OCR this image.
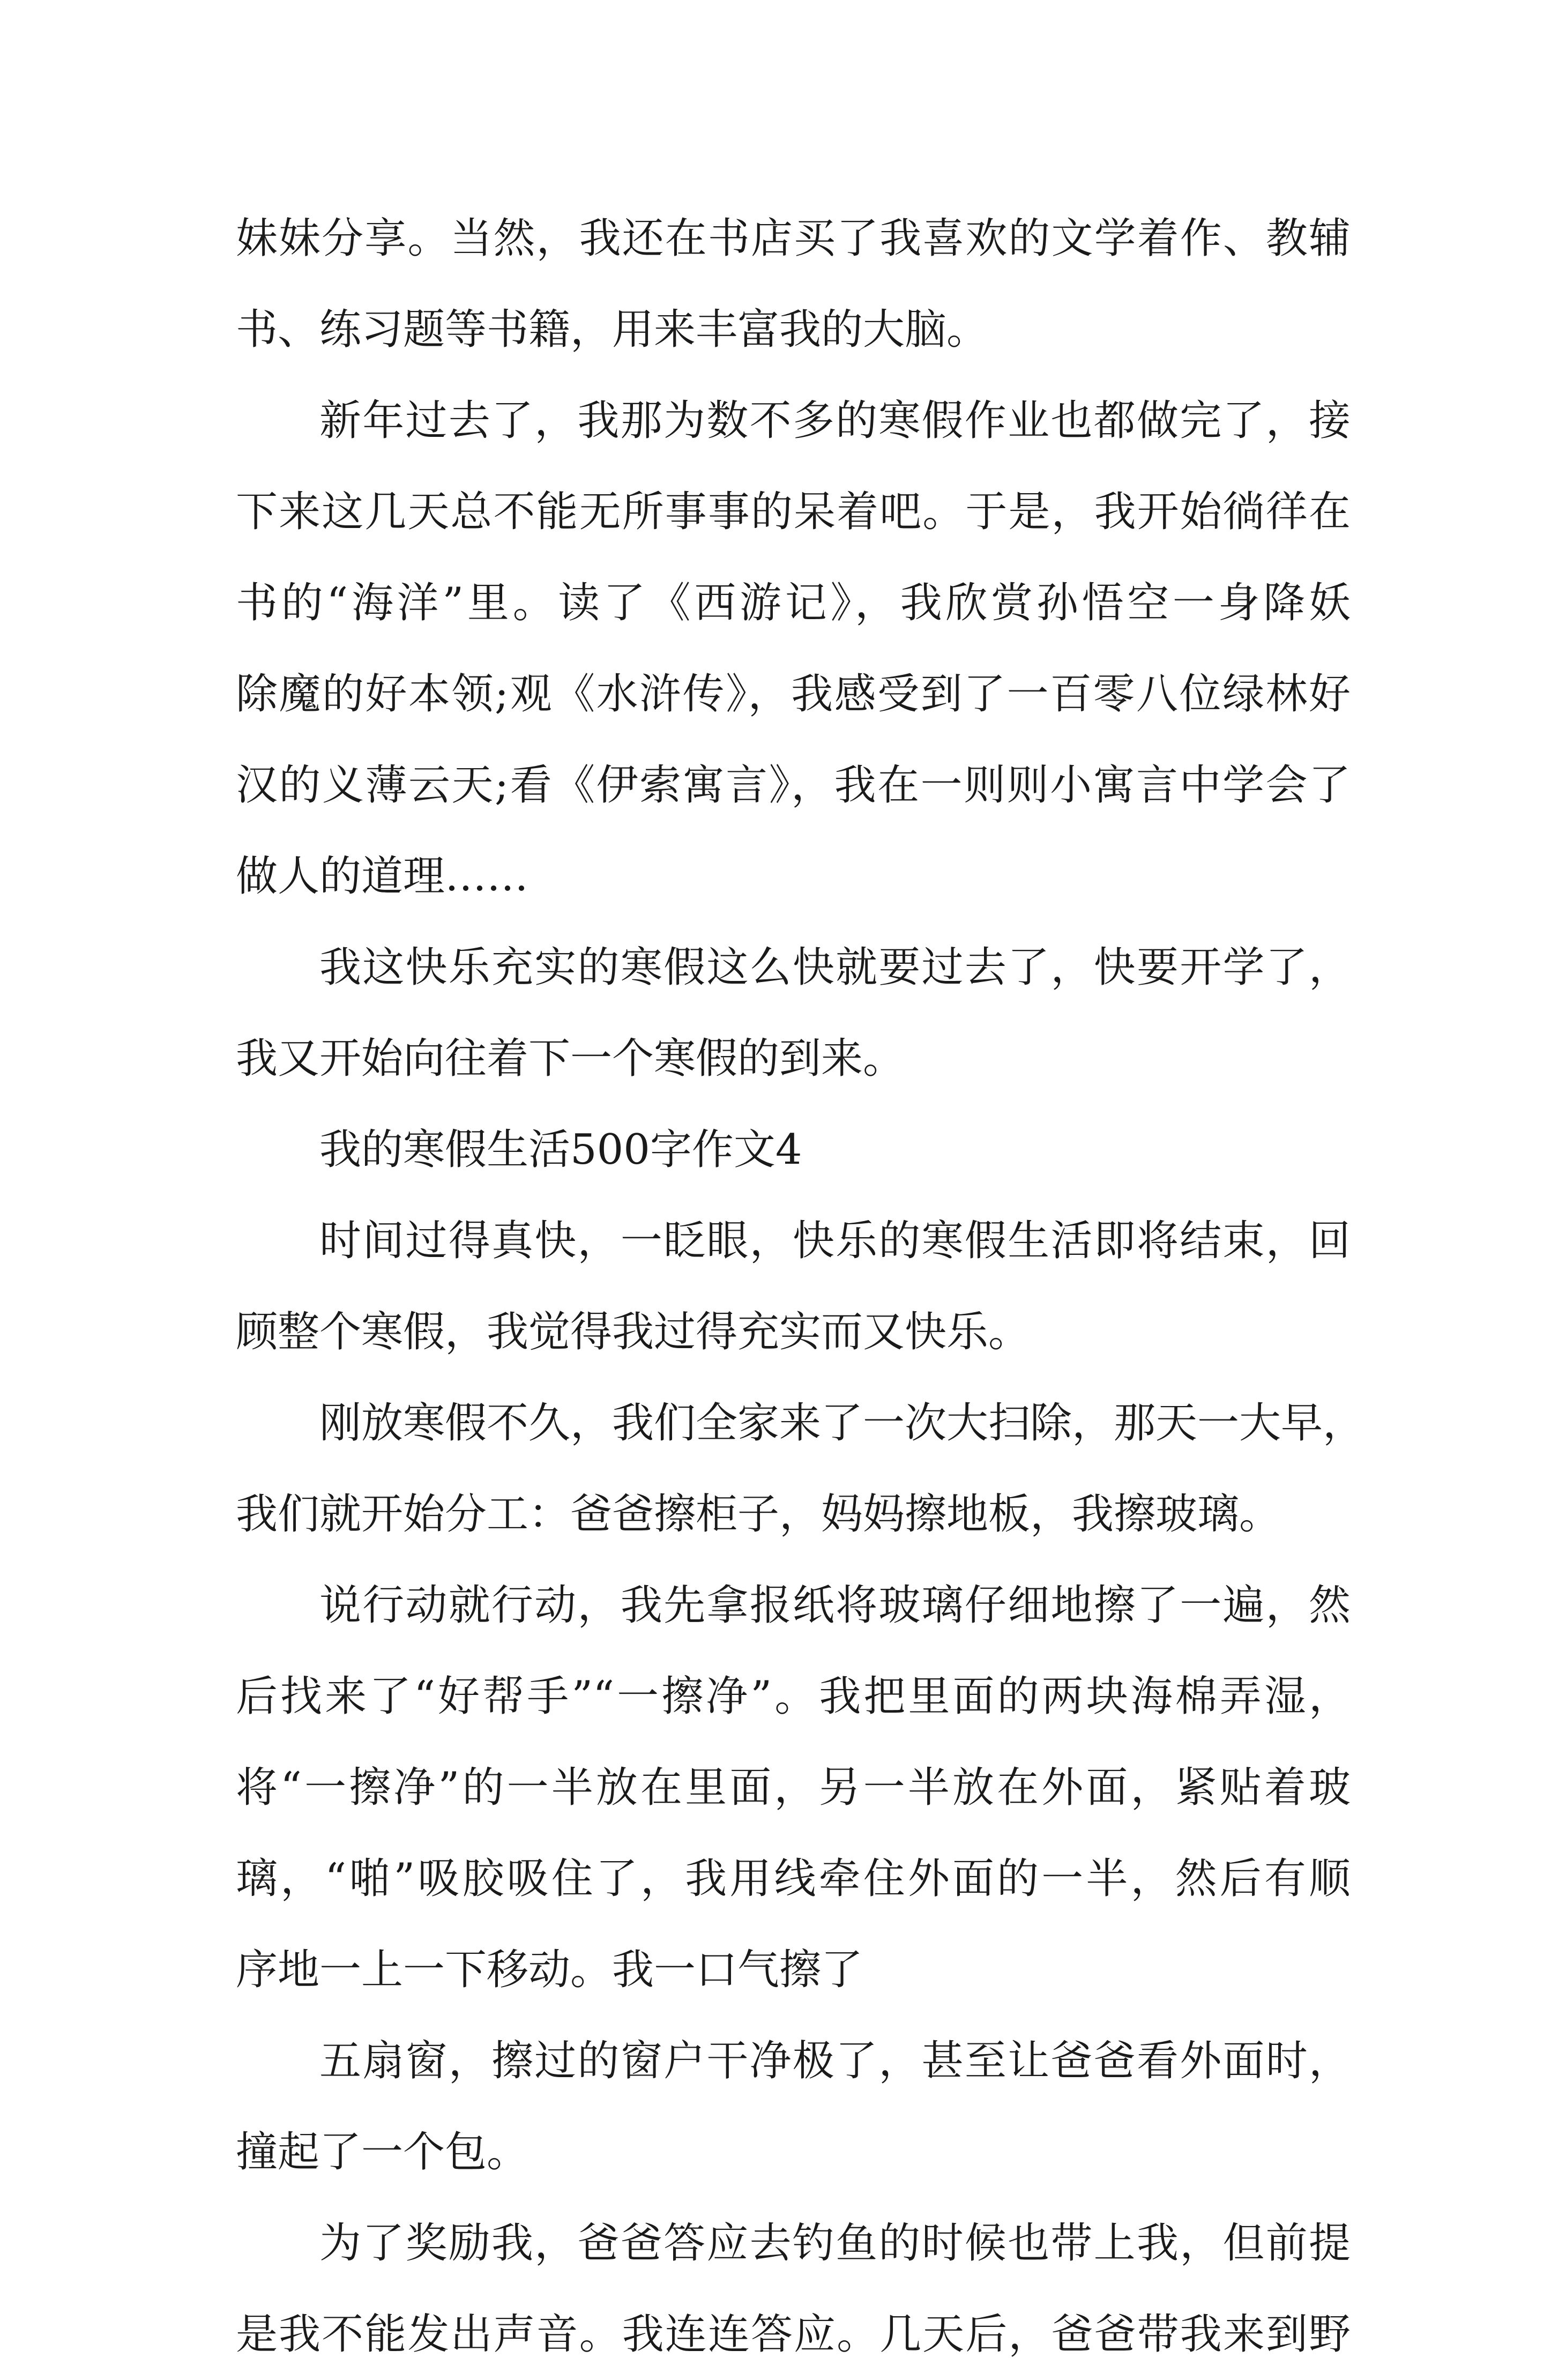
妹妹分享。当然，我还在书店买了我喜欢的文学着作、教辅
书、练习题等书籍，用来丰富我的大脑。
新年过去了，我那为数不多的寒假作业也都做完了，接
下来这几天总不能无所事事的呆着吧。于是，我开始徜徉在
书的“海洋”里。读了《西游记》，我欣赏孙悟空一身降妖
除魔的好本领;观《水浒传》，我感受到了一百零八位绿林好
汉的义薄云天;看《伊索寓言》，我在一则则小寓言中学会了
做人的道理……
我这快乐充实的寒假这么快就要过去了，快要开学了，
我又开始向往着下一个寒假的到来。
我的寒假生活500字作文4
时间过得真快，一眨眼，快乐的寒假生活即将结束，回
顾整个寒假，我觉得我过得充实而又快乐。
刚放寒假不久，我们全家来了一次大扫除，那天一大早，
我们就开始分工：爸爸擦柜子，妈妈擦地板，我擦玻璃。
说行动就行动，我先拿报纸将玻璃仔细地擦了一遍，然
后找来了“好帮手”“一擦净”。我把里面的两块海棉弄湿，
将“一擦净”的一半放在里面，另一半放在外面，紧贴着玻
璃，“啪”吸胶吸住了，我用线牵住外面的一半，然后有顺
序地一上一下移动。我一口气擦了
五扇窗，擦过的窗户干净极了，甚至让爸爸看外面时，
撞起了一个包。
为了奖励我，爸爸答应去钓鱼的时候也带上我，但前提
是我不能发出声音。我连连答应。几天后，爸爸带我来到野
